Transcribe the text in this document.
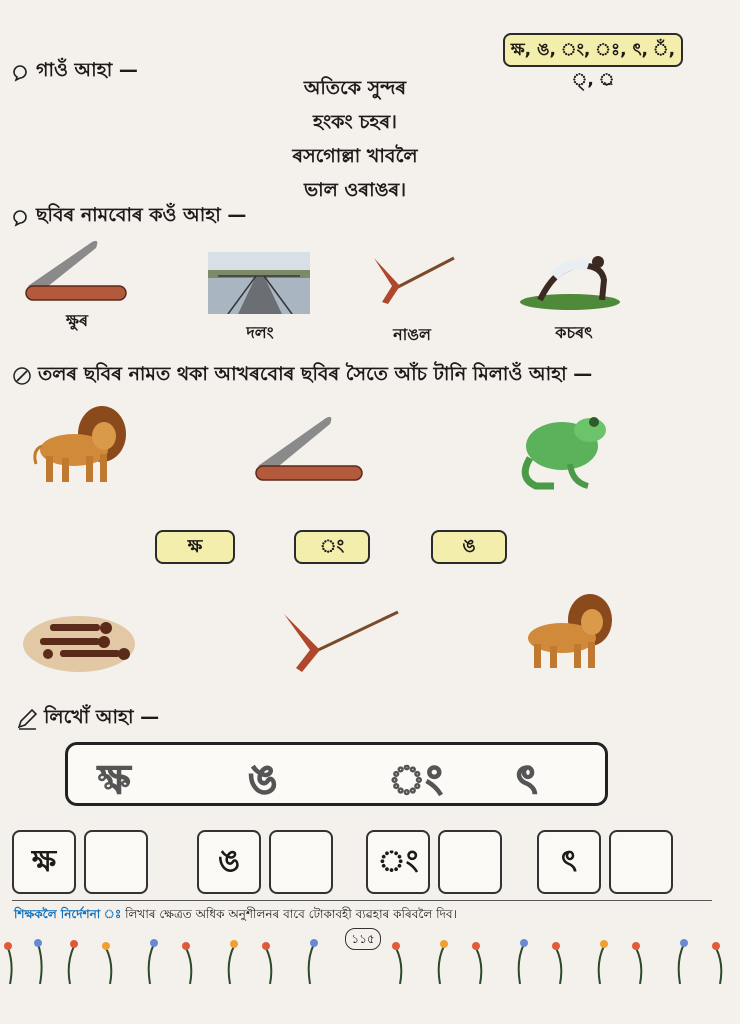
ক্ষ, ঙ, ং, ঃ, ৎ, ঁ, ্, ্র
গাওঁ আহা —
অতিকে সুন্দৰ
হংকং চহৰ।
ৰসগোল্লা খাবলৈ
ভাল ওৰাঙৰ।
ছবিৰ নামবোৰ কওঁ আহা —
ক্ষুৰ
দলং	নাঙল	কচৰৎ
তলৰ ছবিৰ নামত থকা আখৰবোৰ ছবিৰ সৈতে আঁচ টানি মিলাওঁ আহা —
ক্ষ	ং	ঙ
লিখোঁ আহা —
ক্ষ	ঙ	ং ৎ
ক্ষ	ঙ	ং	ৎ
শিক্ষকলৈ নিৰ্দেশনা ঃ লিখাৰ ক্ষেত্ৰত অধিক অনুশীলনৰ বাবে টোকাবহী ব্যৱহাৰ কৰিবলৈ দিব।
১১৫
